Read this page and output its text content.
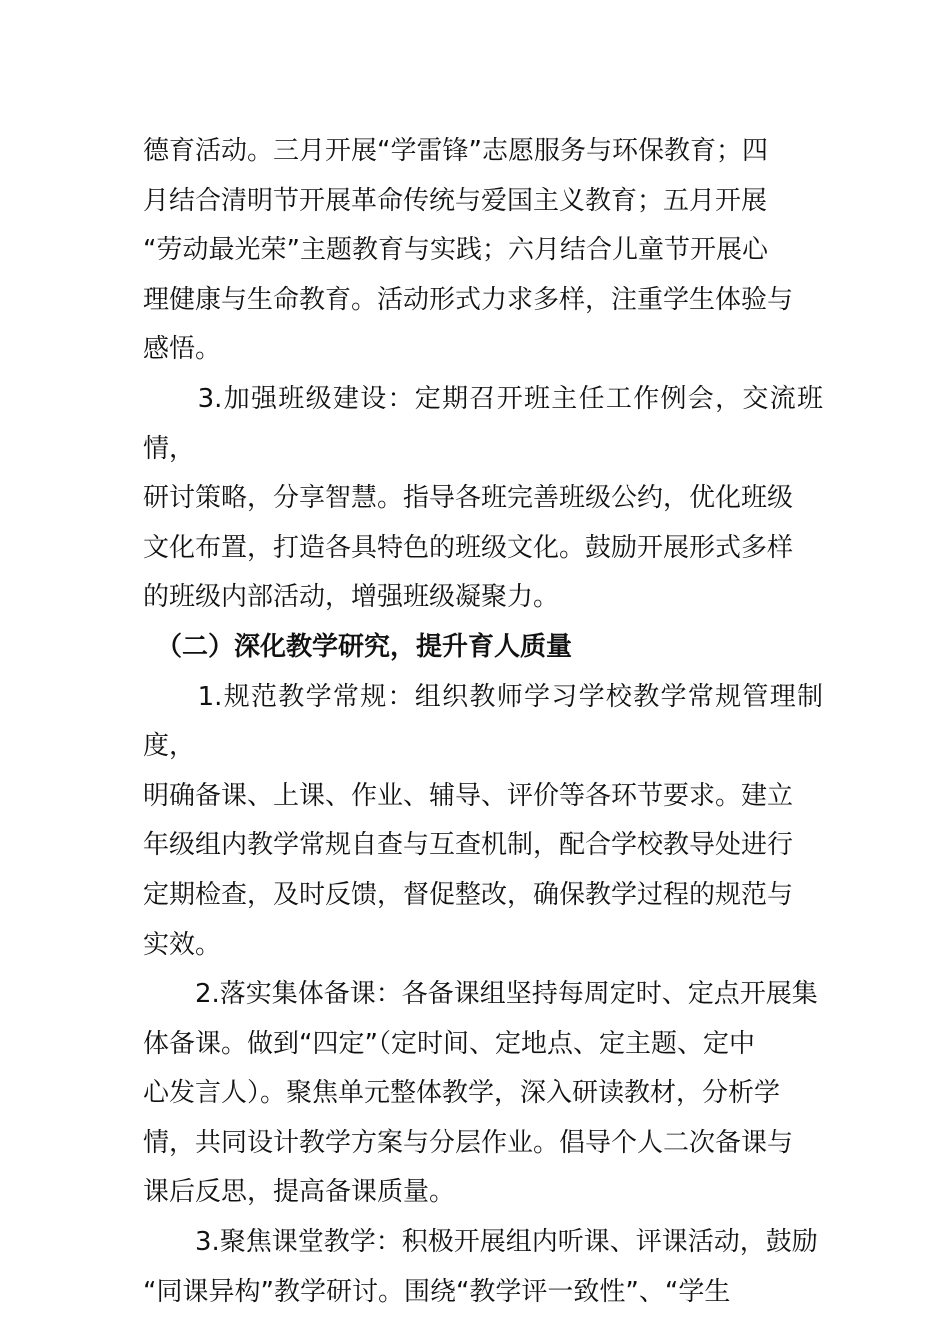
德育活动。三月开展“学雷锋”志愿服务与环保教育；四
月结合清明节开展革命传统与爱国主义教育；五月开展
“劳动最光荣”主题教育与实践；六月结合儿童节开展心
理健康与生命教育。活动形式力求多样，注重学生体验与
感悟。

　　3.加强班级建设：定期召开班主任工作例会，交流班情，
研讨策略，分享智慧。指导各班完善班级公约，优化班级
文化布置，打造各具特色的班级文化。鼓励开展形式多样
的班级内部活动，增强班级凝聚力。

　（二）深化教学研究，提升育人质量

　　1.规范教学常规：组织教师学习学校教学常规管理制度，
明确备课、上课、作业、辅导、评价等各环节要求。建立
年级组内教学常规自查与互查机制，配合学校教导处进行
定期检查，及时反馈，督促整改，确保教学过程的规范与
实效。

　　2.落实集体备课：各备课组坚持每周定时、定点开展集
体备课。做到“四定”（定时间、定地点、定主题、定中
心发言人）。聚焦单元整体教学，深入研读教材，分析学
情，共同设计教学方案与分层作业。倡导个人二次备课与
课后反思，提高备课质量。

　　3.聚焦课堂教学：积极开展组内听课、评课活动，鼓励
“同课异构”教学研讨。围绕“教学评一致性”、“学生
